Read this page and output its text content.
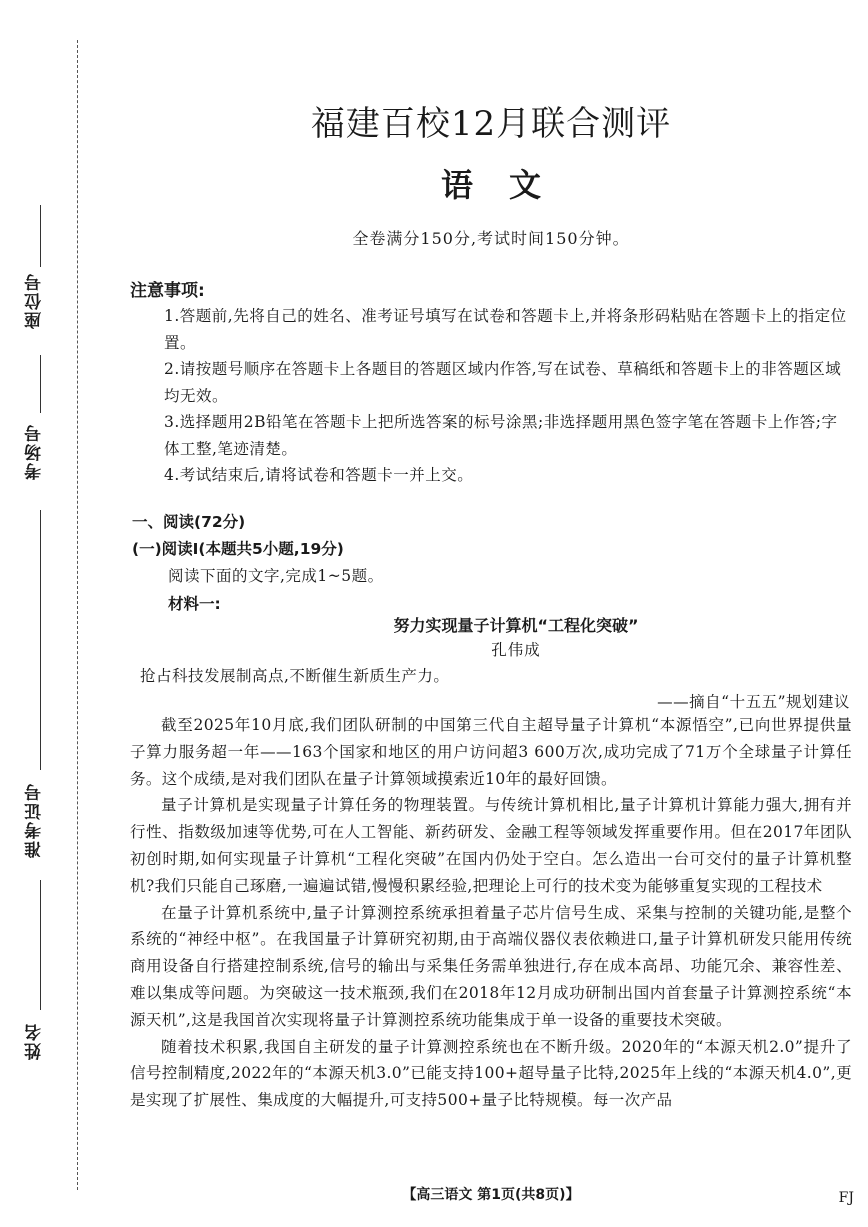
座位号
考场号
准考证号
姓名
福建百校12月联合测评
语文
全卷满分150分,考试时间150分钟。
注意事项:

1.答题前,先将自己的姓名、准考证号填写在试卷和答题卡上,并将条形码粘贴在答题卡上的指定位置。

2.请按题号顺序在答题卡上各题目的答题区域内作答,写在试卷、草稿纸和答题卡上的非答题区域均无效。

3.选择题用2B铅笔在答题卡上把所选答案的标号涂黑;非选择题用黑色签字笔在答题卡上作答;字体工整,笔迹清楚。

4.考试结束后,请将试卷和答题卡一并上交。

一、阅读(72分)
(一)阅读Ⅰ(本题共5小题,19分)
阅读下面的文字,完成1~5题。
材料一:
努力实现量子计算机“工程化突破”
孔伟成
抢占科技发展制高点,不断催生新质生产力。
——摘自“十五五”规划建议

截至2025年10月底,我们团队研制的中国第三代自主超导量子计算机“本源悟空”,已向世界提供量子算力服务超一年——163个国家和地区的用户访问超3 600万次,成功完成了71万个全球量子计算任务。这个成绩,是对我们团队在量子计算领域摸索近10年的最好回馈。

量子计算机是实现量子计算任务的物理装置。与传统计算机相比,量子计算机计算能力强大,拥有并行性、指数级加速等优势,可在人工智能、新药研发、金融工程等领域发挥重要作用。但在2017年团队初创时期,如何实现量子计算机“工程化突破”在国内仍处于空白。怎么造出一台可交付的量子计算机整机?我们只能自己琢磨,一遍遍试错,慢慢积累经验,把理论上可行的技术变为能够重复实现的工程技术

在量子计算机系统中,量子计算测控系统承担着量子芯片信号生成、采集与控制的关键功能,是整个系统的“神经中枢”。在我国量子计算研究初期,由于高端仪器仪表依赖进口,量子计算机研发只能用传统商用设备自行搭建控制系统,信号的输出与采集任务需单独进行,存在成本高昂、功能冗余、兼容性差、难以集成等问题。为突破这一技术瓶颈,我们在2018年12月成功研制出国内首套量子计算测控系统“本源天机”,这是我国首次实现将量子计算测控系统功能集成于单一设备的重要技术突破。

随着技术积累,我国自主研发的量子计算测控系统也在不断升级。2020年的“本源天机2.0”提升了信号控制精度,2022年的“本源天机3.0”已能支持100+超导量子比特,2025年上线的“本源天机4.0”,更是实现了扩展性、集成度的大幅提升,可支持500+量子比特规模。每一次产品

【高三语文 第1页(共8页)】	FJ
